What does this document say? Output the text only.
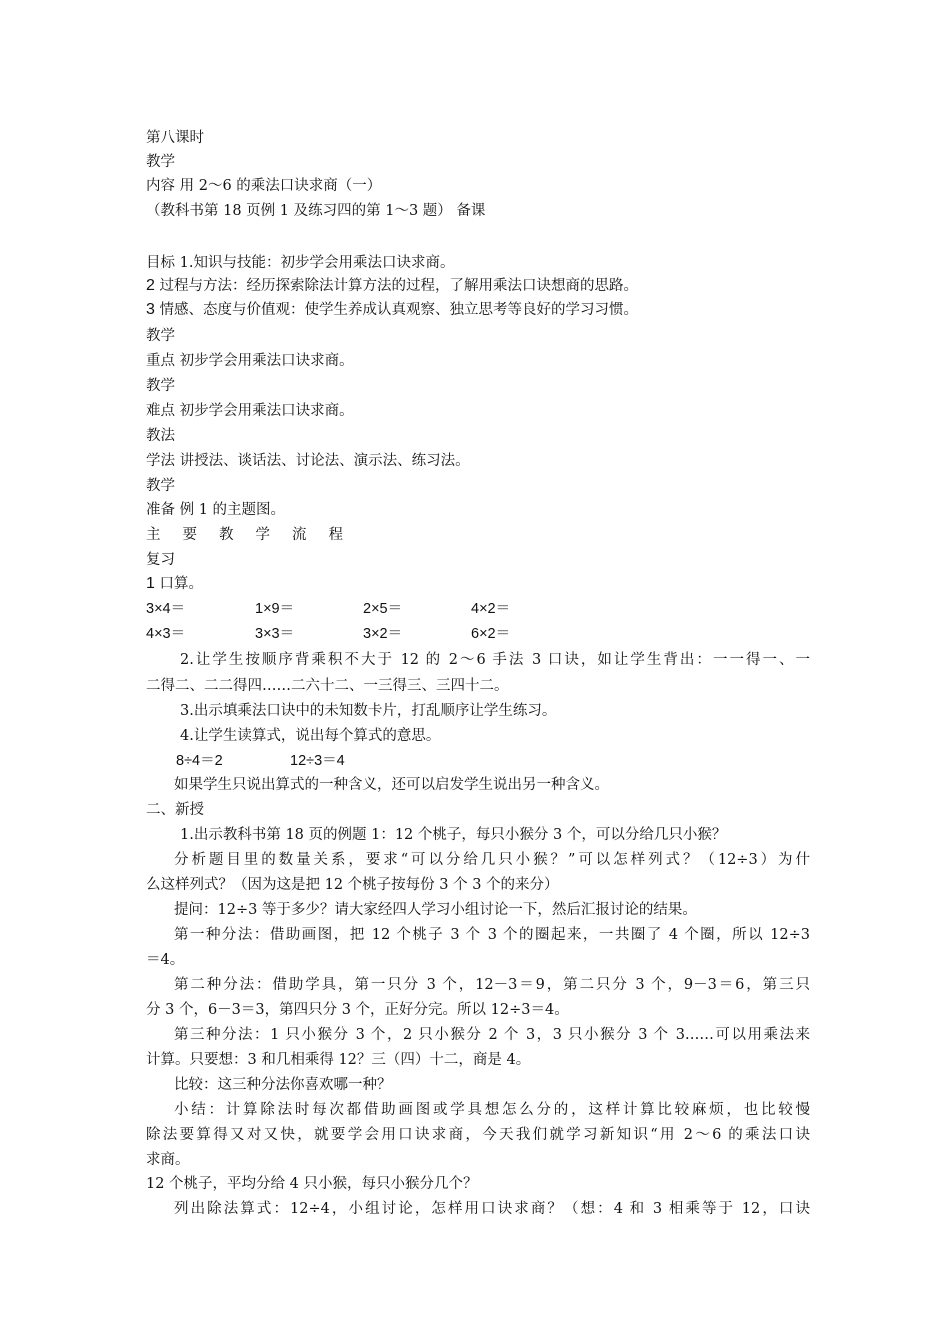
第八课时
教学
内容 用 2～6 的乘法口诀求商（一）
（教科书第 18 页例 1 及练习四的第 1～3 题） 备课
目标 1.知识与技能：初步学会用乘法口诀求商。
2 过程与方法：经历探索除法计算方法的过程，了解用乘法口诀想商的思路。
3 情感、态度与价值观：使学生养成认真观察、独立思考等良好的学习习惯。
教学
重点 初步学会用乘法口诀求商。
教学
难点 初步学会用乘法口诀求商。
教法
学法 讲授法、谈话法、讨论法、演示法、练习法。
教学
准备 例 1 的主题图。
主要教学流程
复习
1 口算。
3×4＝	1×9＝	2×5＝	4×2＝
4×3＝	3×3＝	3×2＝	6×2＝
2.让学生按顺序背乘积不大于 12 的 2～6 手法 3 口诀，如让学生背出：一一得一、一
二得二、二二得四……二六十二、一三得三、三四十二。
3.出示填乘法口诀中的未知数卡片，打乱顺序让学生练习。
4.让学生读算式，说出每个算式的意思。
8÷4＝2	12÷3＝4
如果学生只说出算式的一种含义，还可以启发学生说出另一种含义。
二、新授
1.出示教科书第 18 页的例题 1：12 个桃子，每只小猴分 3 个，可以分给几只小猴？
分析题目里的数量关系，要求“可以分给几只小猴？”可以怎样列式？（12÷3）为什
么这样列式？（因为这是把 12 个桃子按每份 3 个 3 个的来分）
提问：12÷3 等于多少？请大家经四人学习小组讨论一下，然后汇报讨论的结果。
第一种分法：借助画图，把 12 个桃子 3 个 3 个的圈起来，一共圈了 4 个圈，所以 12÷3
＝4。
第二种分法：借助学具，第一只分 3 个，12－3＝9，第二只分 3 个，9－3＝6，第三只
分 3 个，6－3＝3，第四只分 3 个，正好分完。所以 12÷3＝4。
第三种分法：1 只小猴分 3 个，2 只小猴分 2 个 3，3 只小猴分 3 个 3……可以用乘法来
计算。只要想：3 和几相乘得 12？三（四）十二，商是 4。
比较：这三种分法你喜欢哪一种？
小结：计算除法时每次都借助画图或学具想怎么分的，这样计算比较麻烦，也比较慢
除法要算得又对又快，就要学会用口诀求商，今天我们就学习新知识“用 2～6 的乘法口诀
求商。
12 个桃子，平均分给 4 只小猴，每只小猴分几个？
列出除法算式：12÷4，小组讨论，怎样用口诀求商？（想：4 和 3 相乘等于 12，口诀
